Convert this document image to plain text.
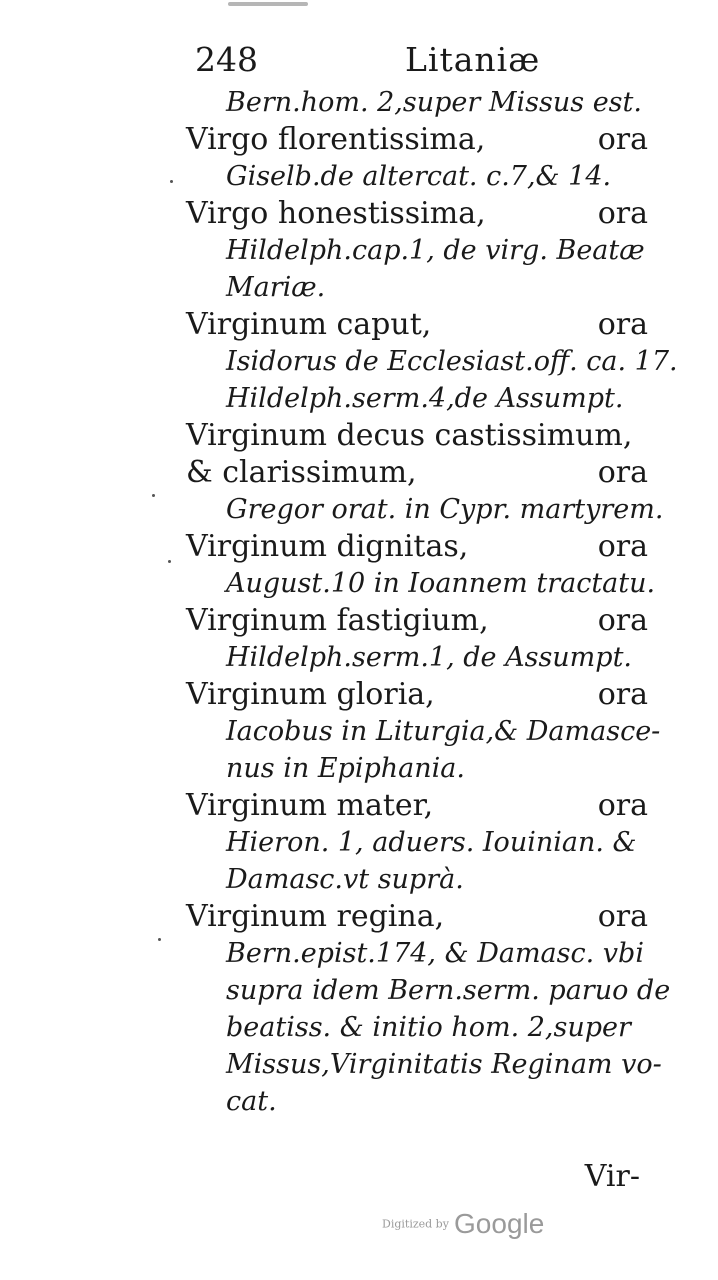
248	Litaniæ
Bern.hom. 2,super Missus est.
Virgo florentissima,	ora
Giselb.de altercat. c.7,& 14.
Virgo honestissima,	ora
Hildelph.cap.1, de virg. Beatæ
Mariæ.
Virginum caput,	ora
Isidorus de Ecclesiast.off. ca. 17.
Hildelph.serm.4,de Assumpt.
Virginum decus castissimum,
& clarissimum,	ora
Gregor orat. in Cypr. martyrem.
Virginum dignitas,	ora
August.10 in Ioannem tractatu.
Virginum fastigium,	ora
Hildelph.serm.1, de Assumpt.
Virginum gloria,	ora
Iacobus in Liturgia,& Damasce-
nus in Epiphania.
Virginum mater,	ora
Hieron. 1, aduers. Iouinian. &
Damasc.vt suprà.
Virginum regina,	ora
Bern.epist.174, & Damasc. vbi
supra idem Bern.serm. paruo de
beatiss. & initio hom. 2,super
Missus,Virginitatis Reginam vo-
cat.
Vir-
Digitized by Google
